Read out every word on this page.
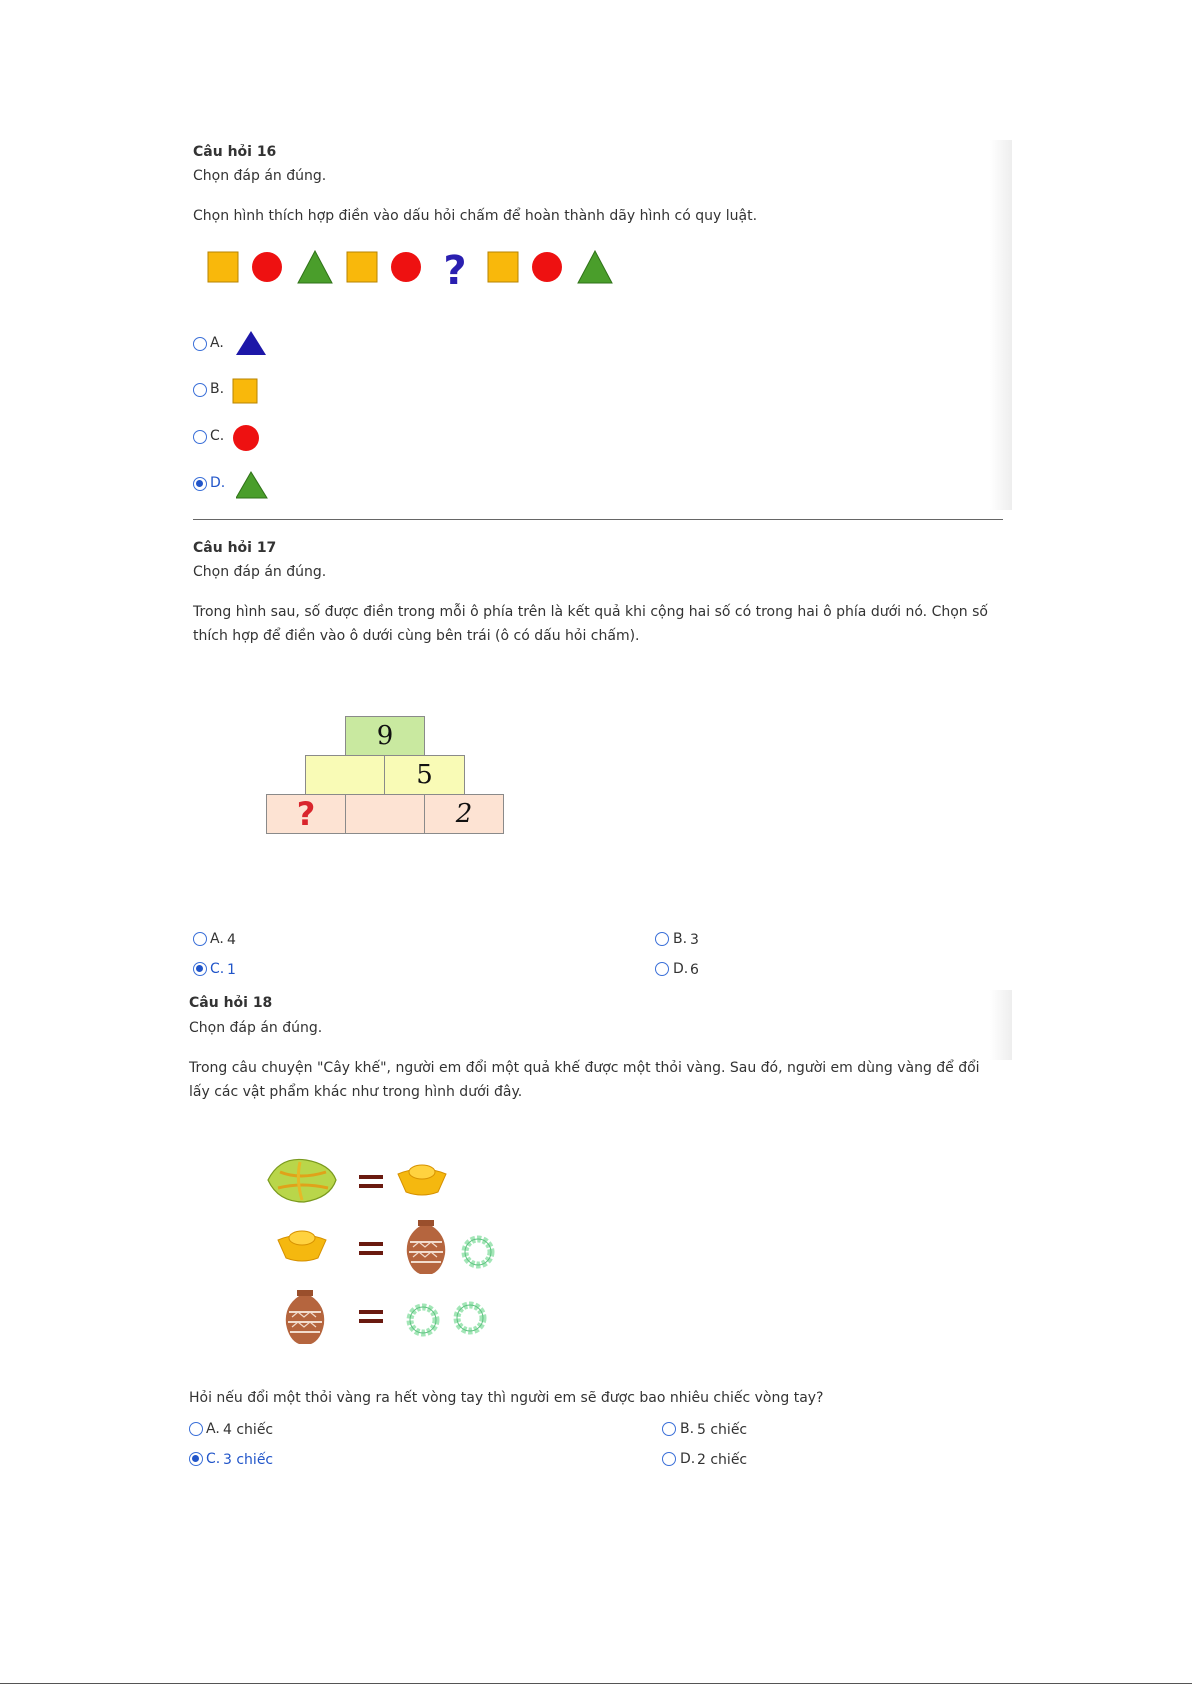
Câu hỏi 16
Chọn đáp án đúng.
Chọn hình thích hợp điền vào dấu hỏi chấm để hoàn thành dãy hình có quy luật.
?
A.
B.
C.
D.
Câu hỏi 17
Chọn đáp án đúng.
Trong hình sau, số được điền trong mỗi ô phía trên là kết quả khi cộng hai số có trong hai ô phía dưới nó. Chọn số
thích hợp để điền vào ô dưới cùng bên trái (ô có dấu hỏi chấm).
9
5
?	2
A. 4	B. 3
C. 1	D. 6
Câu hỏi 18
Chọn đáp án đúng.
Trong câu chuyện "Cây khế", người em đổi một quả khế được một thỏi vàng. Sau đó, người em dùng vàng để đổi
lấy các vật phẩm khác như trong hình dưới đây.
Hỏi nếu đổi một thỏi vàng ra hết vòng tay thì người em sẽ được bao nhiêu chiếc vòng tay?
A. 4 chiếc	B. 5 chiếc
C. 3 chiếc	D. 2 chiếc
